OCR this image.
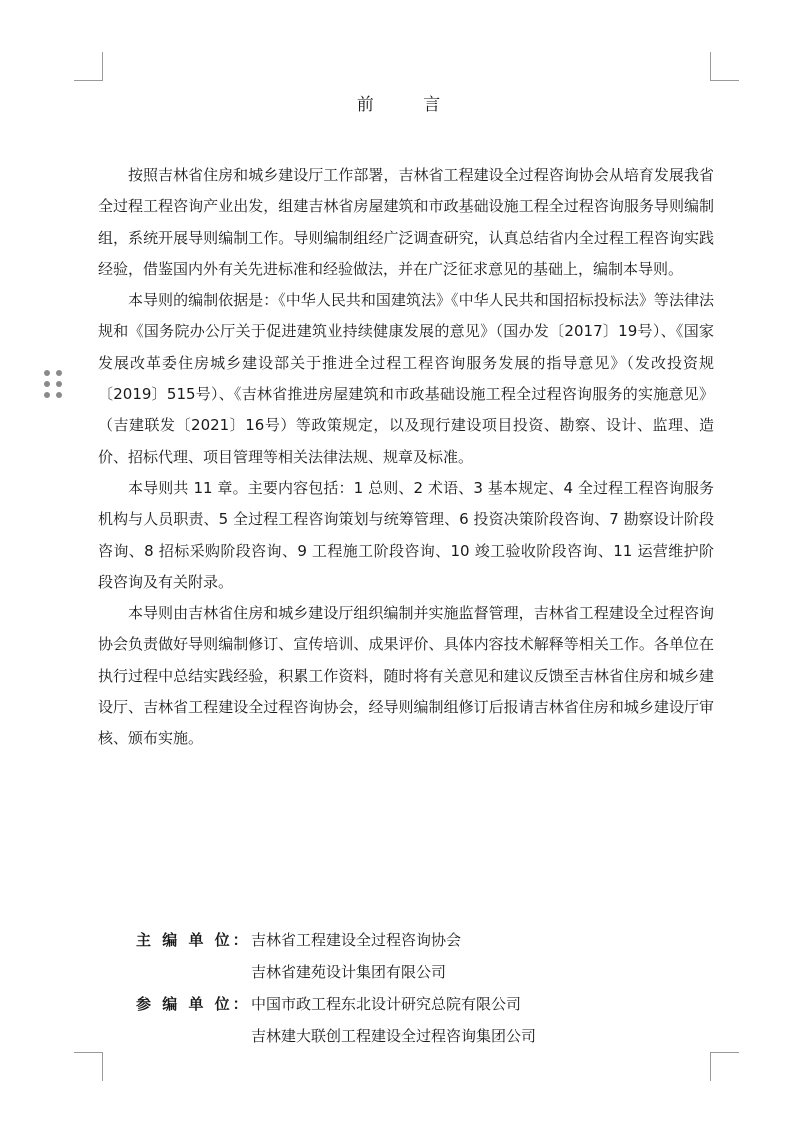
前 言

按照吉林省住房和城乡建设厅工作部署，吉林省工程建设全过程咨询协会从培育发展我省全过程工程咨询产业出发，组建吉林省房屋建筑和市政基础设施工程全过程咨询服务导则编制组，系统开展导则编制工作。导则编制组经广泛调查研究，认真总结省内全过程工程咨询实践经验，借鉴国内外有关先进标准和经验做法，并在广泛征求意见的基础上，编制本导则。

本导则的编制依据是：《中华人民共和国建筑法》《中华人民共和国招标投标法》等法律法规和《国务院办公厅关于促进建筑业持续健康发展的意见》（国办发〔2017〕19号）、《国家发展改革委住房城乡建设部关于推进全过程工程咨询服务发展的指导意见》（发改投资规〔2019〕515号）、《吉林省推进房屋建筑和市政基础设施工程全过程咨询服务的实施意见》（吉建联发〔2021〕16号）等政策规定，以及现行建设项目投资、勘察、设计、监理、造价、招标代理、项目管理等相关法律法规、规章及标准。

本导则共 11 章。主要内容包括：1 总则、2 术语、3 基本规定、4 全过程工程咨询服务机构与人员职责、5 全过程工程咨询策划与统筹管理、6 投资决策阶段咨询、7 勘察设计阶段咨询、8 招标采购阶段咨询、9 工程施工阶段咨询、10 竣工验收阶段咨询、11 运营维护阶段咨询及有关附录。

本导则由吉林省住房和城乡建设厅组织编制并实施监督管理，吉林省工程建设全过程咨询协会负责做好导则编制修订、宣传培训、成果评价、具体内容技术解释等相关工作。各单位在执行过程中总结实践经验，积累工作资料，随时将有关意见和建议反馈至吉林省住房和城乡建设厅、吉林省工程建设全过程咨询协会，经导则编制组修订后报请吉林省住房和城乡建设厅审核、颁布实施。

主 编 单 位： 吉林省工程建设全过程咨询协会
吉林省建苑设计集团有限公司
参 编 单 位： 中国市政工程东北设计研究总院有限公司
吉林建大联创工程建设全过程咨询集团公司
